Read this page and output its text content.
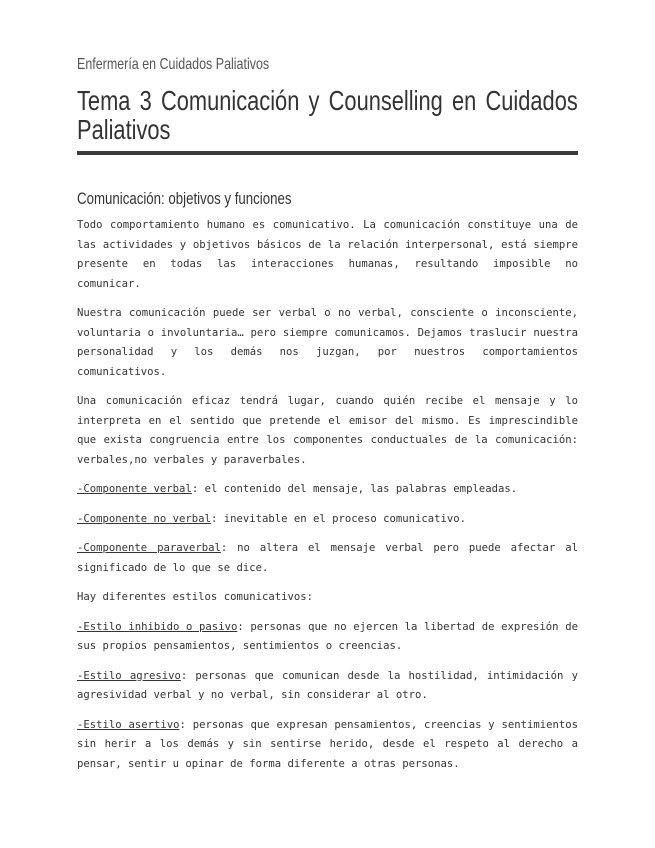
Enfermería en Cuidados Paliativos
Tema 3 Comunicación y Counselling en Cuidados Paliativos
Comunicación: objetivos y funciones

Todo comportamiento humano es comunicativo. La comunicación constituye una de las actividades y objetivos básicos de la relación interpersonal, está siempre presente en todas las interacciones humanas, resultando imposible no comunicar.

Nuestra comunicación puede ser verbal o no verbal, consciente o inconsciente, voluntaria o involuntaria… pero siempre comunicamos. Dejamos traslucir nuestra personalidad y los demás nos juzgan, por nuestros comportamientos comunicativos.

Una comunicación eficaz tendrá lugar, cuando quién recibe el mensaje y lo interpreta en el sentido que pretende el emisor del mismo. Es imprescindible que exista congruencia entre los componentes conductuales de la comunicación: verbales,no verbales y paraverbales.

-Componente verbal: el contenido del mensaje, las palabras empleadas.

-Componente no verbal: inevitable en el proceso comunicativo.

-Componente paraverbal: no altera el mensaje verbal pero puede afectar al significado de lo que se dice.

Hay diferentes estilos comunicativos:

-Estilo inhibido o pasivo: personas que no ejercen la libertad de expresión de sus propios pensamientos, sentimientos o creencias.

-Estilo agresivo: personas que comunican desde la hostilidad, intimidación y agresividad verbal y no verbal, sin considerar al otro.

-Estilo asertivo: personas que expresan pensamientos, creencias y sentimientos sin herir a los demás y sin sentirse herido, desde el respeto al derecho a pensar, sentir u opinar de forma diferente a otras personas.
